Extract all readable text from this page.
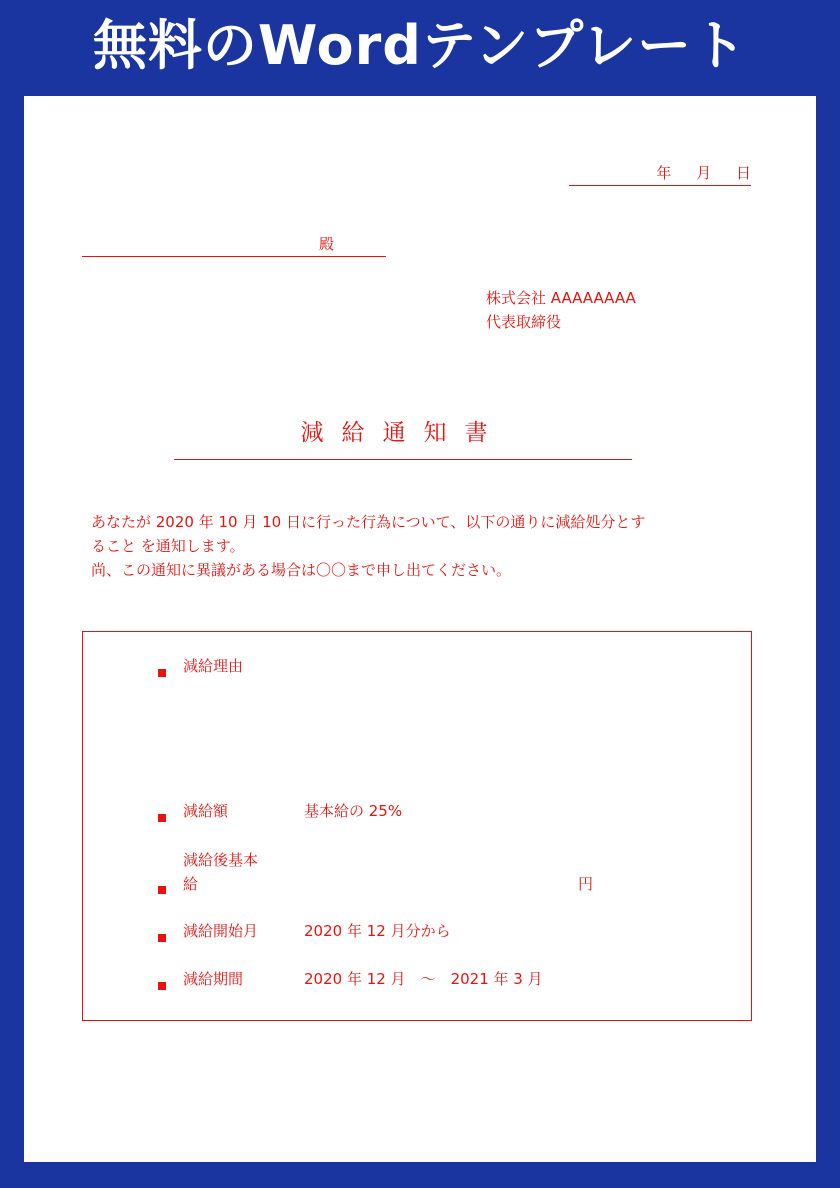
無料のWordテンプレート
年 月 日

殿
株式会社 AAAAAAAA
代表取締役
減給通知書
あなたが 2020 年 10 月 10 日に行った行為について、以下の通りに減給処分とす
ること を通知します。
尚、この通知に異議がある場合は〇〇まで申し出てください。
減給理由
減給額	基本給の 25%
減給後基本
給	円
減給開始月	2020 年 12 月分から
減給期間	2020 年 12 月　～　2021 年 3 月
